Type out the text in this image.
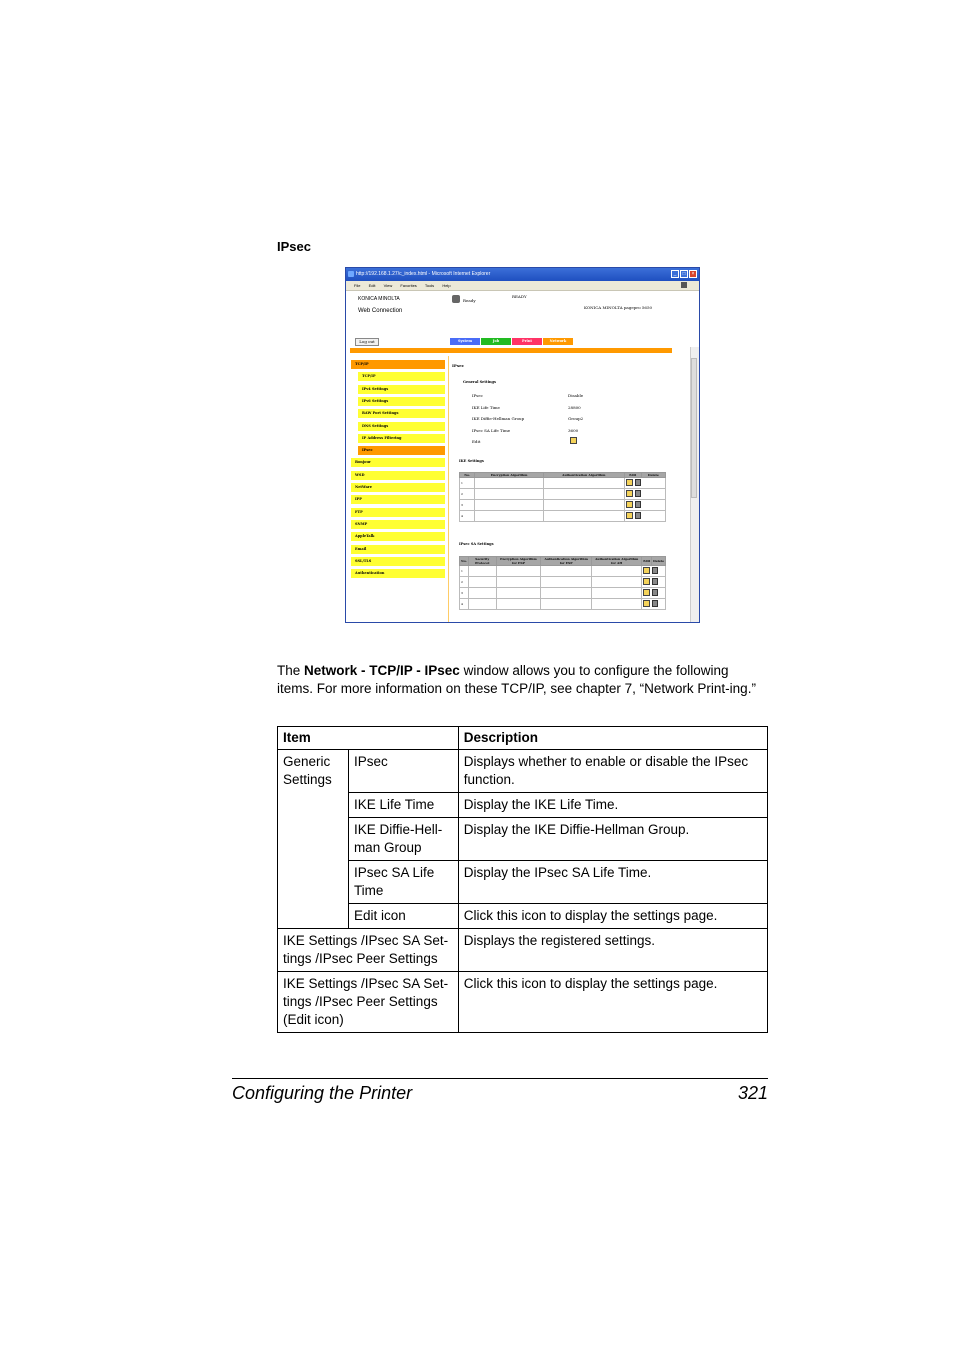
IPsec
http://192.168.1.27/c_index.html - Microsoft Internet Explorer	_	□	×
File Edit View Favorites Tools Help
KONICA MINOLTA
Web Connection
Ready
READY
KONICA MINOLTA pagepro 5650
Log out	System	Job	Print	Network
TCP/IP
TCP/IP
IPv4 Settings
IPv6 Settings
RAW Port Settings
DNS Settings
IP Address Filtering
IPsec
Bonjour
WSD
NetWare
IPP
FTP
SNMP
AppleTalk
Email
SSL/TLS
Authentication
IPsec
General Settings
IPsec	Disable
IKE Life Time	28800
IKE Diffie-Hellman Group	Group2
IPsec SA Life Time	3600
Edit
IKE Settings
No.	Encryption Algorithm	Authentication Algorithm	Edit	Delete
1				
2				
3				
4				
IPsec SA Settings
No.	Security Protocol	Encryption Algorithm for ESP	Authentication Algorithm for ESP	Authentication Algorithm for AH	Edit	Delete
1						
2						
3						
4						
The Network - TCP/IP - IPsec window allows you to configure the following items. For more information on these TCP/IP, see chapter 7, “Network Print-ing.”
Item		Description
Generic Settings	IPsec	Displays whether to enable or disable the IPsec function.
	IKE Life Time	Display the IKE Life Time.
	IKE Diffie-Hell-man Group	Display the IKE Diffie-Hellman Group.
	IPsec SA Life Time	Display the IPsec SA Life Time.
	Edit icon	Click this icon to display the settings page.
IKE Settings /IPsec SA Set-tings /IPsec Peer Settings		Displays the registered settings.
IKE Settings /IPsec SA Set-tings /IPsec Peer Settings (Edit icon)		Click this icon to display the settings page.
Configuring the Printer	321
